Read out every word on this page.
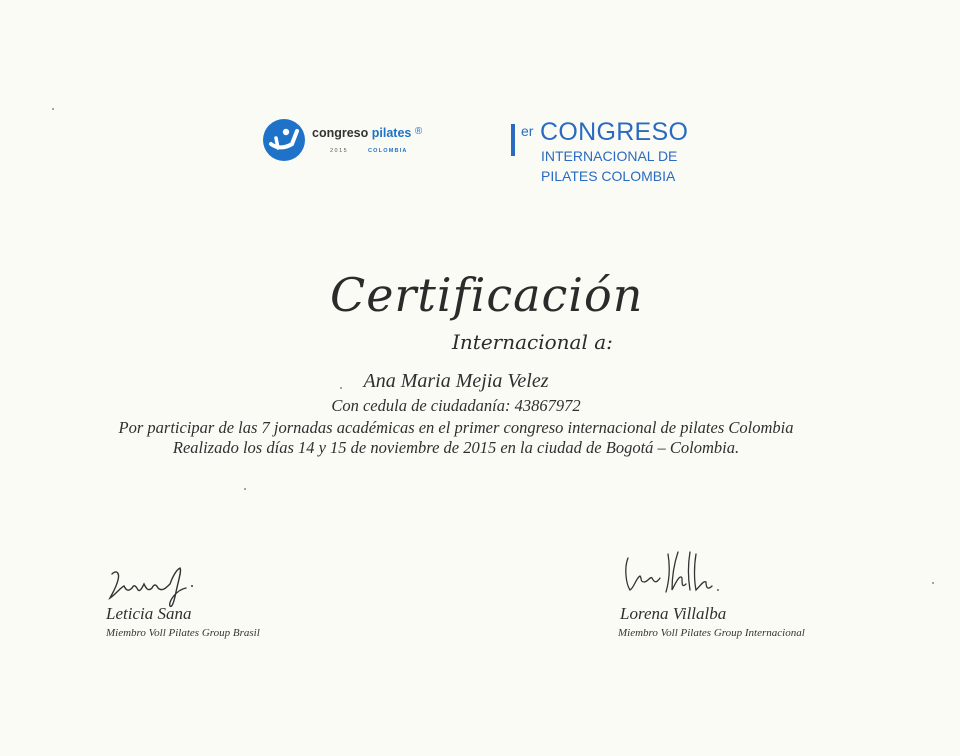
congreso pilates ®
2015	COLOMBIA
er CONGRESO
INTERNACIONAL DE
PILATES COLOMBIA
Certificación
Internacional a:
Ana Maria Mejia Velez
Con cedula de ciudadanía: 43867972
Por participar de las 7 jornadas académicas en el primer congreso internacional de pilates Colombia
Realizado los días 14 y 15 de noviembre de 2015 en la ciudad de Bogotá – Colombia.
Leticia Sana
Miembro Voll Pilates Group Brasil
Lorena Villalba
Miembro Voll Pilates Group Internacional
